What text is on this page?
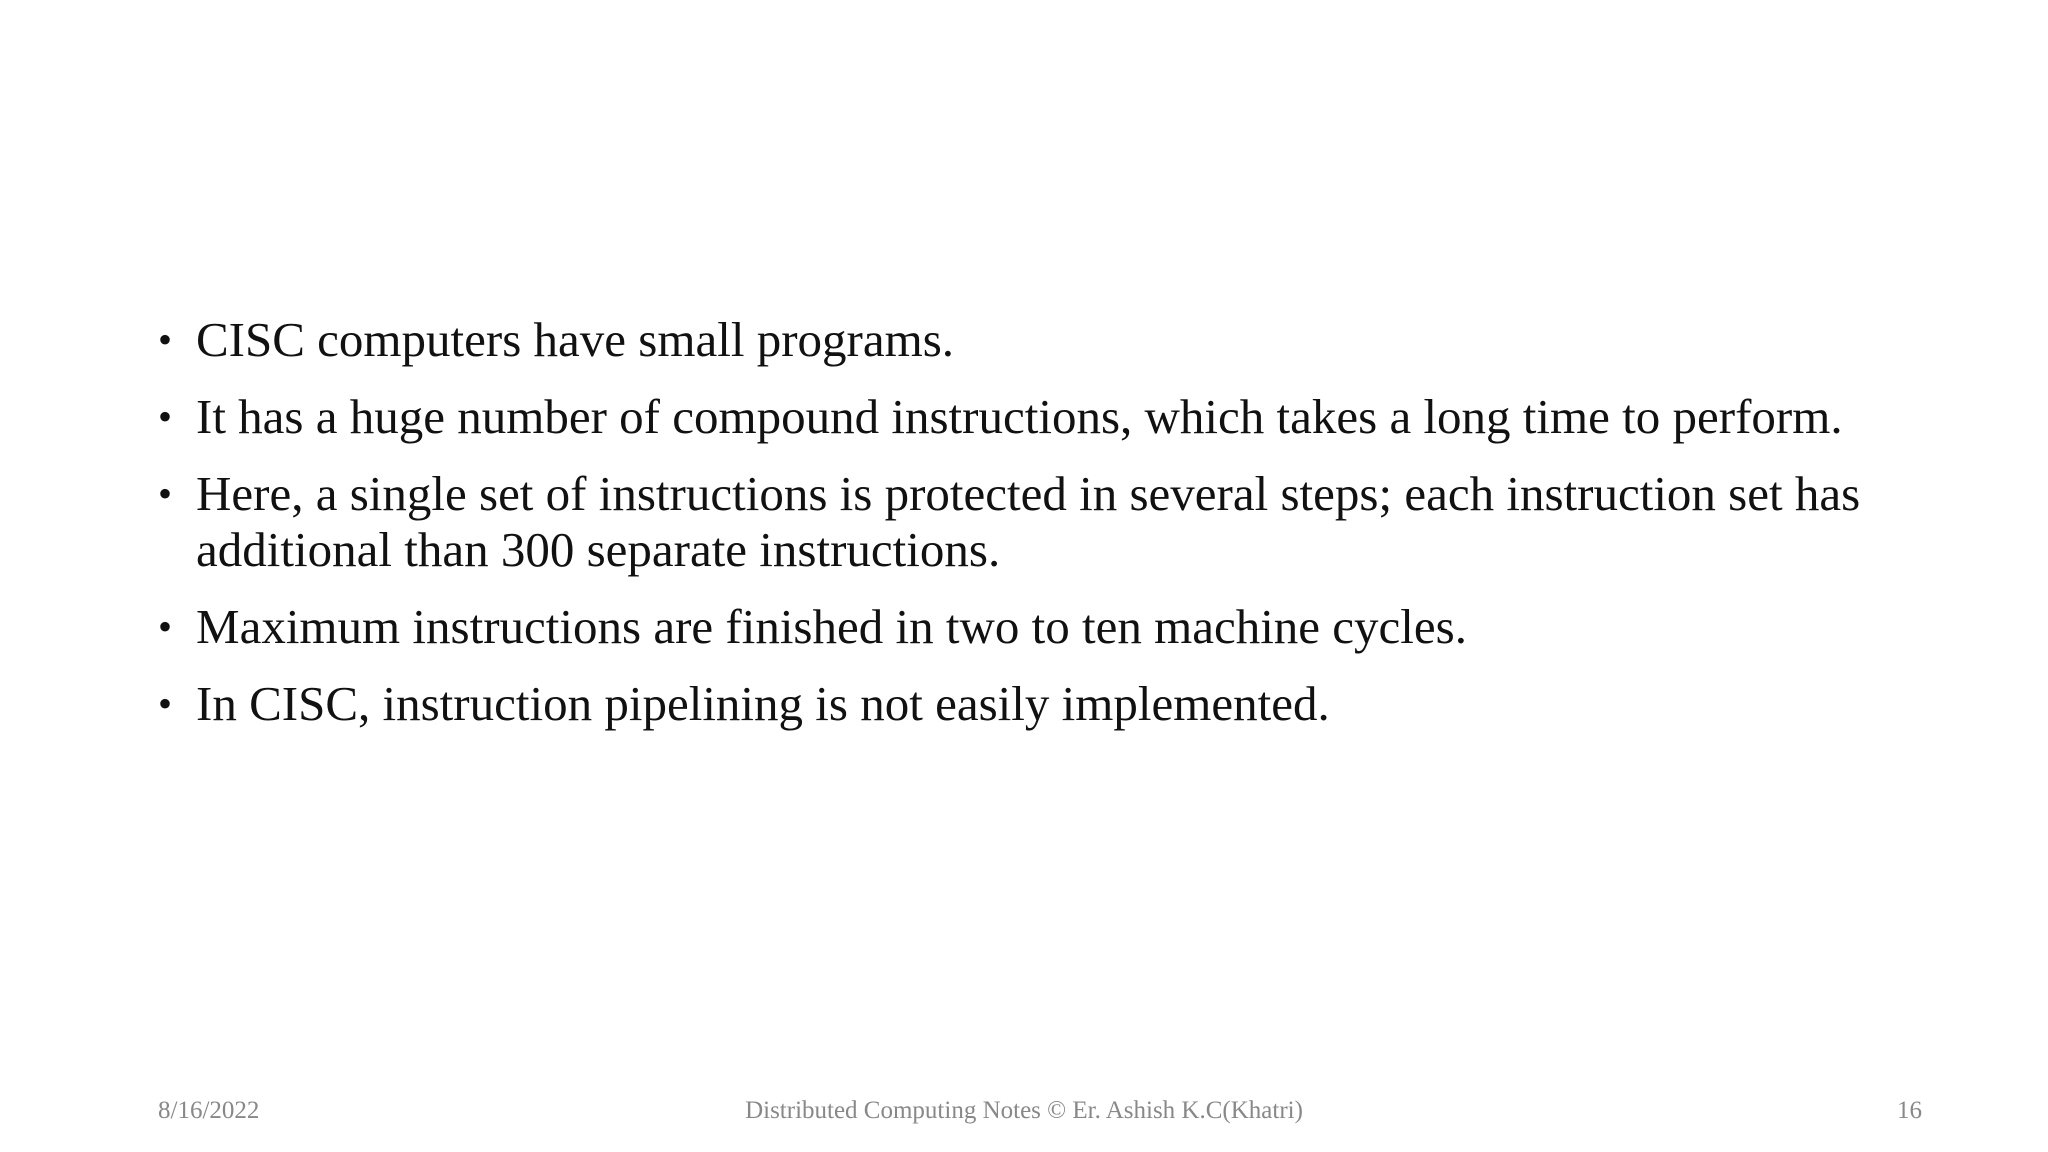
• CISC computers have small programs.
• It has a huge number of compound instructions, which takes a long time to perform.
• Here, a single set of instructions is protected in several steps; each instruction set has additional than 300 separate instructions.
• Maximum instructions are finished in two to ten machine cycles.
• In CISC, instruction pipelining is not easily implemented.
8/16/2022	Distributed Computing Notes © Er. Ashish K.C(Khatri)	16
